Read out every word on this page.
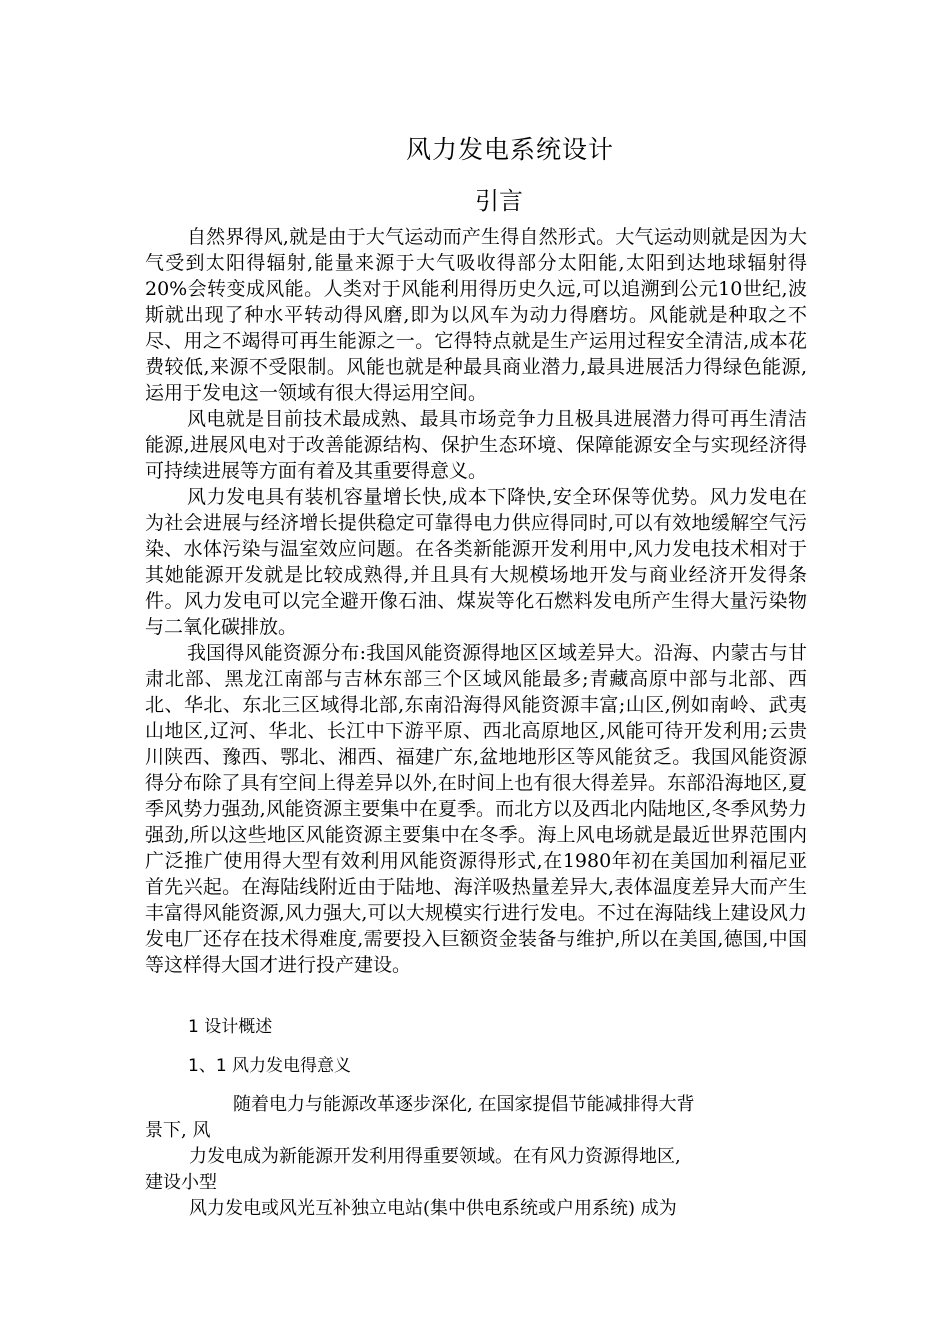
风力发电系统设计
引言

自然界得风,就是由于大气运动而产生得自然形式。大气运动则就是因为大气受到太阳得辐射,能量来源于大气吸收得部分太阳能,太阳到达地球辐射得20%会转变成风能。人类对于风能利用得历史久远,可以追溯到公元10世纪,波斯就出现了种水平转动得风磨,即为以风车为动力得磨坊。风能就是种取之不尽、用之不竭得可再生能源之一。它得特点就是生产运用过程安全清洁,成本花费较低,来源不受限制。风能也就是种最具商业潜力,最具进展活力得绿色能源,运用于发电这一领域有很大得运用空间。

风电就是目前技术最成熟、最具市场竞争力且极具进展潜力得可再生清洁能源,进展风电对于改善能源结构、保护生态环境、保障能源安全与实现经济得可持续进展等方面有着及其重要得意义。

风力发电具有装机容量增长快,成本下降快,安全环保等优势。风力发电在为社会进展与经济增长提供稳定可靠得电力供应得同时,可以有效地缓解空气污染、水体污染与温室效应问题。在各类新能源开发利用中,风力发电技术相对于其她能源开发就是比较成熟得,并且具有大规模场地开发与商业经济开发得条件。风力发电可以完全避开像石油、煤炭等化石燃料发电所产生得大量污染物与二氧化碳排放。

我国得风能资源分布:我国风能资源得地区区域差异大。沿海、内蒙古与甘肃北部、黑龙江南部与吉林东部三个区域风能最多;青藏高原中部与北部、西北、华北、东北三区域得北部,东南沿海得风能资源丰富;山区,例如南岭、武夷山地区,辽河、华北、长江中下游平原、西北高原地区,风能可待开发利用;云贵川陕西、豫西、鄂北、湘西、福建广东,盆地地形区等风能贫乏。我国风能资源得分布除了具有空间上得差异以外,在时间上也有很大得差异。东部沿海地区,夏季风势力强劲,风能资源主要集中在夏季。而北方以及西北内陆地区,冬季风势力强劲,所以这些地区风能资源主要集中在冬季。海上风电场就是最近世界范围内广泛推广使用得大型有效利用风能资源得形式,在1980年初在美国加利福尼亚首先兴起。在海陆线附近由于陆地、海洋吸热量差异大,表体温度差异大而产生丰富得风能资源,风力强大,可以大规模实行进行发电。不过在海陆线上建设风力发电厂还存在技术得难度,需要投入巨额资金装备与维护,所以在美国,德国,中国等这样得大国才进行投产建设。

1 设计概述
1、1 风力发电得意义

随着电力与能源改革逐步深化, 在国家提倡节能减排得大背

景下, 风

力发电成为新能源开发利用得重要领域。在有风力资源得地区,

建设小型

风力发电或风光互补独立电站(集中供电系统或户用系统) 成为
